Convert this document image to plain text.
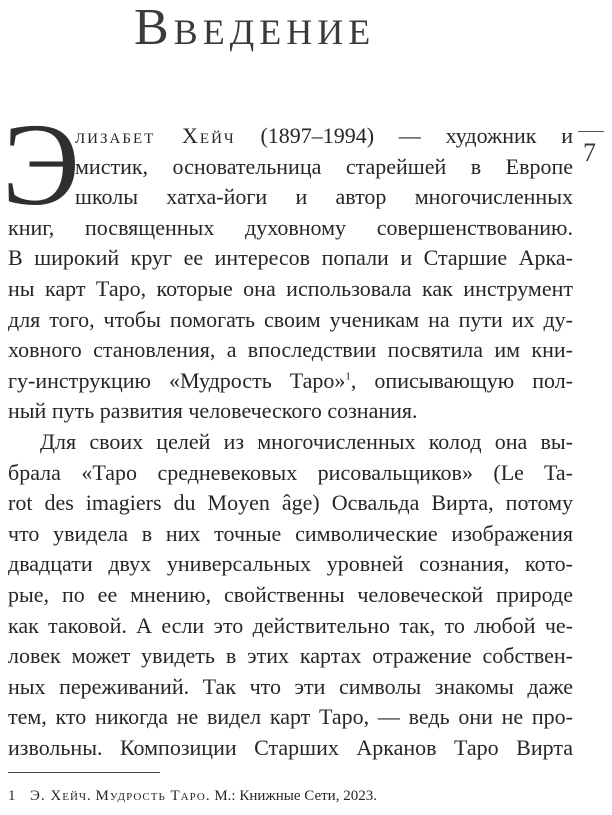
Введение
7
Э
лизабет Хейч (1897–1994) — художник и
мистик, основательница старейшей в Европе
школы хатха-йоги и автор многочисленных
книг, посвященных духовному совершенствованию.
В широкий круг ее интересов попали и Старшие Арка-
ны карт Таро, которые она использовала как инструмент
для того, чтобы помогать своим ученикам на пути их ду-
ховного становления, а впоследствии посвятила им кни-
гу-инструкцию «Мудрость Таро»$^1$, описывающую пол-
ный путь развития человеческого сознания.
Для своих целей из многочисленных колод она вы-
брала «Таро средневековых рисовальщиков» (Le Ta-
rot des imagiers du Moyen âge) Освальда Вирта, потому
что увидела в них точные символические изображения
двадцати двух универсальных уровней сознания, кото-
рые, по ее мнению, свойственны человеческой природе
как таковой. А если это действительно так, то любой че-
ловек может увидеть в этих картах отражение собствен-
ных переживаний. Так что эти символы знакомы даже
тем, кто никогда не видел карт Таро, — ведь они не про-
извольны. Композиции Старших Арканов Таро Вирта
1 Э. Хейч. Мудрость Таро. М.: Книжные Сети, 2023.
